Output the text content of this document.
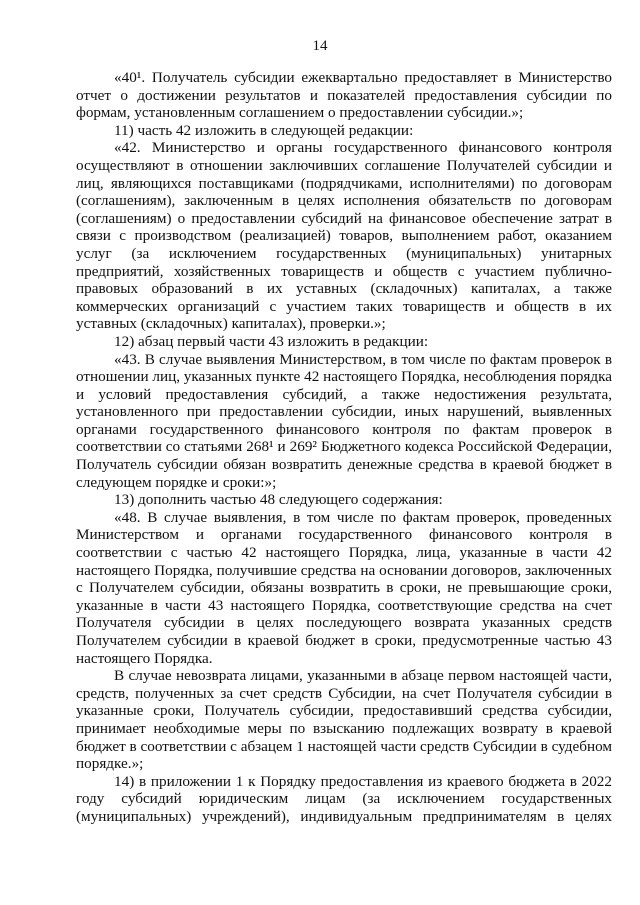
14

«40¹. Получатель субсидии ежеквартально предоставляет в Министерство отчет о достижении результатов и показателей предоставления субсидии по формам, установленным соглашением о предоставлении субсидии.»;

11) часть 42 изложить в следующей редакции:

«42. Министерство и органы государственного финансового контроля осуществляют в отношении заключивших соглашение Получателей субсидии и лиц, являющихся поставщиками (подрядчиками, исполнителями) по договорам (соглашениям), заключенным в целях исполнения обязательств по договорам (соглашениям) о предоставлении субсидий на финансовое обеспечение затрат в связи с производством (реализацией) товаров, выполнением работ, оказанием услуг (за исключением государственных (муниципальных) унитарных предприятий, хозяйственных товариществ и обществ с участием публично-правовых образований в их уставных (складочных) капиталах, а также коммерческих организаций с участием таких товариществ и обществ в их уставных (складочных) капиталах), проверки.»;

12) абзац первый части 43 изложить в редакции:

«43. В случае выявления Министерством, в том числе по фактам проверок в отношении лиц, указанных пункте 42 настоящего Порядка, несоблюдения порядка и условий предоставления субсидий, а также недостижения результата, установленного при предоставлении субсидии, иных нарушений, выявленных органами государственного финансового контроля по фактам проверок в соответствии со статьями 268¹ и 269² Бюджетного кодекса Российской Федерации, Получатель субсидии обязан возвратить денежные средства в краевой бюджет в следующем порядке и сроки:»;

13) дополнить частью 48 следующего содержания:

«48. В случае выявления, в том числе по фактам проверок, проведенных Министерством и органами государственного финансового контроля в соответствии с частью 42 настоящего Порядка, лица, указанные в части 42 настоящего Порядка, получившие средства на основании договоров, заключенных с Получателем субсидии, обязаны возвратить в сроки, не превышающие сроки, указанные в части 43 настоящего Порядка, соответствующие средства на счет Получателя субсидии в целях последующего возврата указанных средств Получателем субсидии в краевой бюджет в сроки, предусмотренные частью 43 настоящего Порядка.

В случае невозврата лицами, указанными в абзаце первом настоящей части, средств, полученных за счет средств Субсидии, на счет Получателя субсидии в указанные сроки, Получатель субсидии, предоставивший средства субсидии, принимает необходимые меры по взысканию подлежащих возврату в краевой бюджет в соответствии с абзацем 1 настоящей части средств Субсидии в судебном порядке.»;

14) в приложении 1 к Порядку предоставления из краевого бюджета в 2022 году субсидий юридическим лицам (за исключением государственных (муниципальных) учреждений), индивидуальным предпринимателям в целях
